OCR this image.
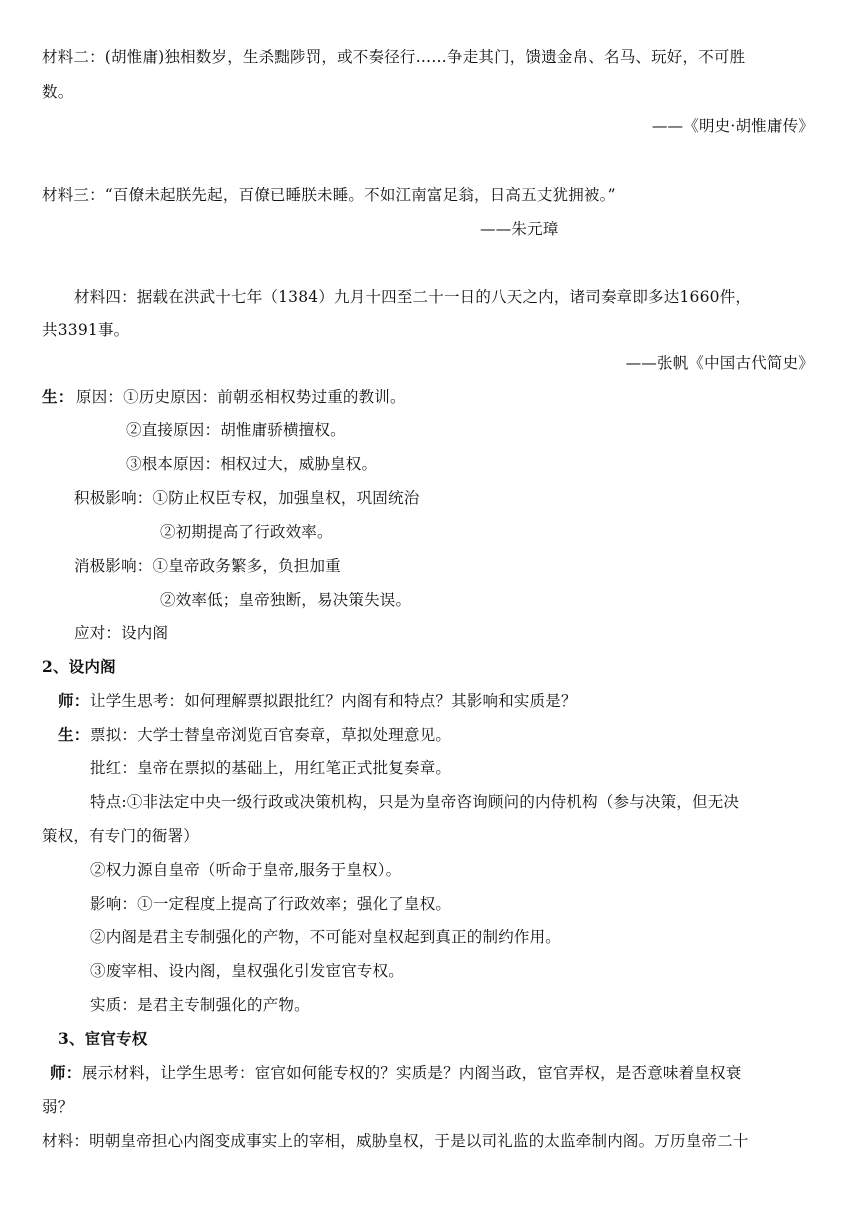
材料二：(胡惟庸)独相数岁，生杀黜陟罚，或不奏径行……争走其门，馈遗金帛、名马、玩好，不可胜
数。
——《明史·胡惟庸传》
材料三：“百僚未起朕先起，百僚已睡朕未睡。不如江南富足翁，日高五丈犹拥被。”
——朱元璋
材料四：据载在洪武十七年（1384）九月十四至二十一日的八天之内，诸司奏章即多达1660件，
共3391事。
——张帆《中国古代简史》
生： 原因：①历史原因：前朝丞相权势过重的教训。
②直接原因：胡惟庸骄横擅权。
③根本原因：相权过大，威胁皇权。
积极影响：①防止权臣专权，加强皇权，巩固统治
②初期提高了行政效率。
消极影响：①皇帝政务繁多，负担加重
②效率低；皇帝独断，易决策失误。
应对：设内阁
2、设内阁
师： 让学生思考：如何理解票拟跟批红？内阁有和特点？其影响和实质是？
生： 票拟：大学士替皇帝浏览百官奏章，草拟处理意见。
批红：皇帝在票拟的基础上，用红笔正式批复奏章。
特点:①非法定中央一级行政或决策机构，只是为皇帝咨询顾问的内侍机构（参与决策，但无决
策权，有专门的衙署）
②权力源自皇帝（听命于皇帝,服务于皇权）。
影响：①一定程度上提高了行政效率；强化了皇权。
②内阁是君主专制强化的产物，不可能对皇权起到真正的制约作用。
③废宰相、设内阁，皇权强化引发宦官专权。
实质：是君主专制强化的产物。
3、宦官专权
师： 展示材料，让学生思考：宦官如何能专权的？实质是？内阁当政，宦官弄权，是否意味着皇权衰
弱？
材料：明朝皇帝担心内阁变成事实上的宰相，威胁皇权，于是以司礼监的太监牵制内阁。万历皇帝二十
